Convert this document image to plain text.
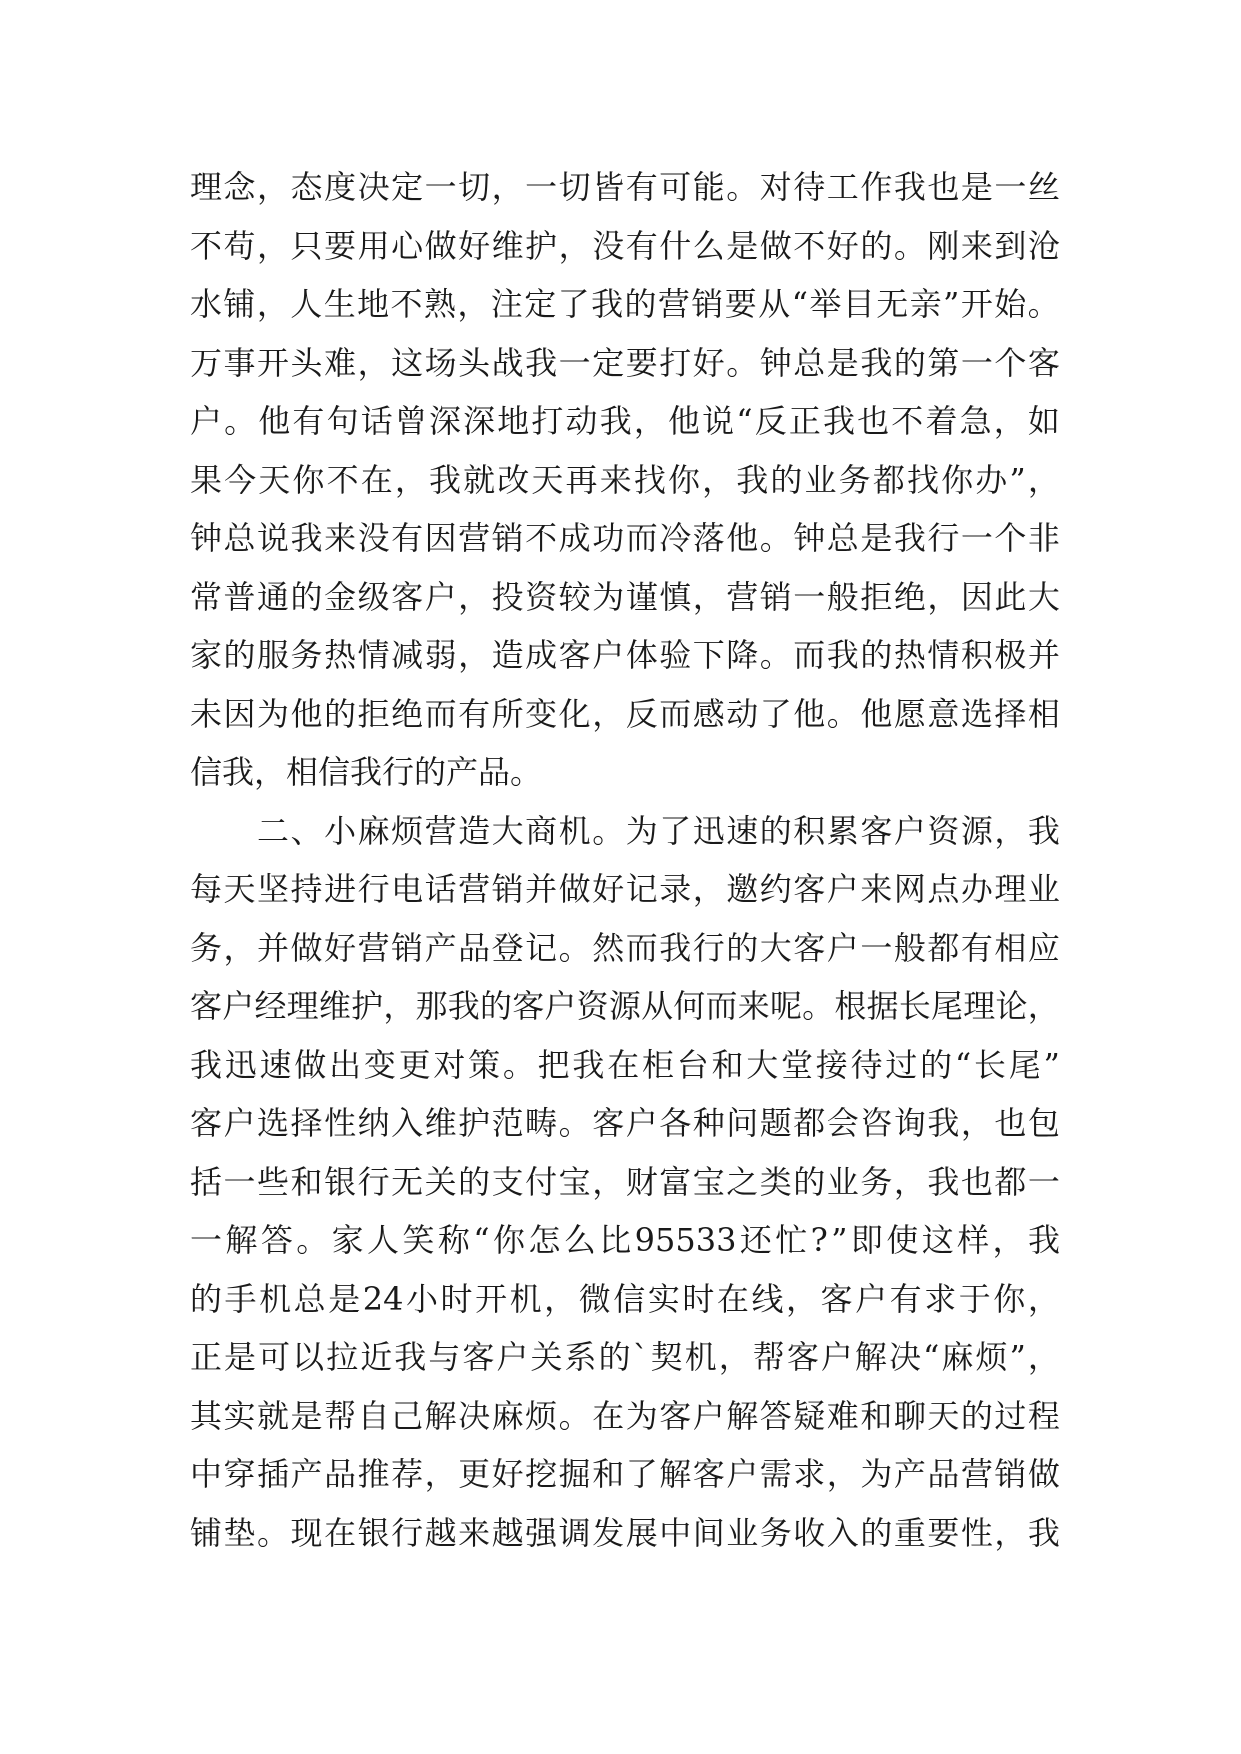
理 念 ， 态 度 决 定 一 切 ， 一 切 皆 有 可 能 。 对 待 工 作 我 也 是 一 丝
不 苟 ， 只 要 用 心 做 好 维 护 ， 没 有 什 么 是 做 不 好 的 。 刚 来 到 沧
水 铺 ， 人 生 地 不 熟 ， 注 定 了 我 的 营 销 要 从 “ 举 目 无 亲 ” 开 始 。
万 事 开 头 难 ， 这 场 头 战 我 一 定 要 打 好 。 钟 总 是 我 的 第 一 个 客
户 。 他 有 句 话 曾 深 深 地 打 动 我 ， 他 说 “ 反 正 我 也 不 着 急 ， 如
果 今 天 你 不 在 ， 我 就 改 天 再 来 找 你 ， 我 的 业 务 都 找 你 办 ” ，
钟 总 说 我 来 没 有 因 营 销 不 成 功 而 冷 落 他 。 钟 总 是 我 行 一 个 非
常 普 通 的 金 级 客 户 ， 投 资 较 为 谨 慎 ， 营 销 一 般 拒 绝 ， 因 此 大
家 的 服 务 热 情 减 弱 ， 造 成 客 户 体 验 下 降 。 而 我 的 热 情 积 极 并
未 因 为 他 的 拒 绝 而 有 所 变 化 ， 反 而 感 动 了 他 。 他 愿 意 选 择 相
信我，相信我行的产品。

二 、 小 麻 烦 营 造 大 商 机 。 为 了 迅 速 的 积 累 客 户 资 源 ， 我
每 天 坚 持 进 行 电 话 营 销 并 做 好 记 录 ， 邀 约 客 户 来 网 点 办 理 业
务 ， 并 做 好 营 销 产 品 登 记 。 然 而 我 行 的 大 客 户 一 般 都 有 相 应
客 户 经 理 维 护 ， 那 我 的 客 户 资 源 从 何 而 来 呢 。 根 据 长 尾 理 论 ，
我 迅 速 做 出 变 更 对 策 。 把 我 在 柜 台 和 大 堂 接 待 过 的 “ 长 尾 ”
客 户 选 择 性 纳 入 维 护 范 畴 。 客 户 各 种 问 题 都 会 咨 询 我 ， 也 包
括 一 些 和 银 行 无 关 的 支 付 宝 ， 财 富 宝 之 类 的 业 务 ， 我 也 都 一
一 解 答 。 家 人 笑 称 “ 你 怎 么 比 95533 还 忙 ? ” 即 使 这 样 ， 我
的 手 机 总 是 24 小 时 开 机 ， 微 信 实 时 在 线 ， 客 户 有 求 于 你 ，
正 是 可 以 拉 近 我 与 客 户 关 系 的 ` 契 机 ， 帮 客 户 解 决 “ 麻 烦 ” ，
其 实 就 是 帮 自 己 解 决 麻 烦 。 在 为 客 户 解 答 疑 难 和 聊 天 的 过 程
中 穿 插 产 品 推 荐 ， 更 好 挖 掘 和 了 解 客 户 需 求 ， 为 产 品 营 销 做
铺 垫 。 现 在 银 行 越 来 越 强 调 发 展 中 间 业 务 收 入 的 重 要 性 ， 我
